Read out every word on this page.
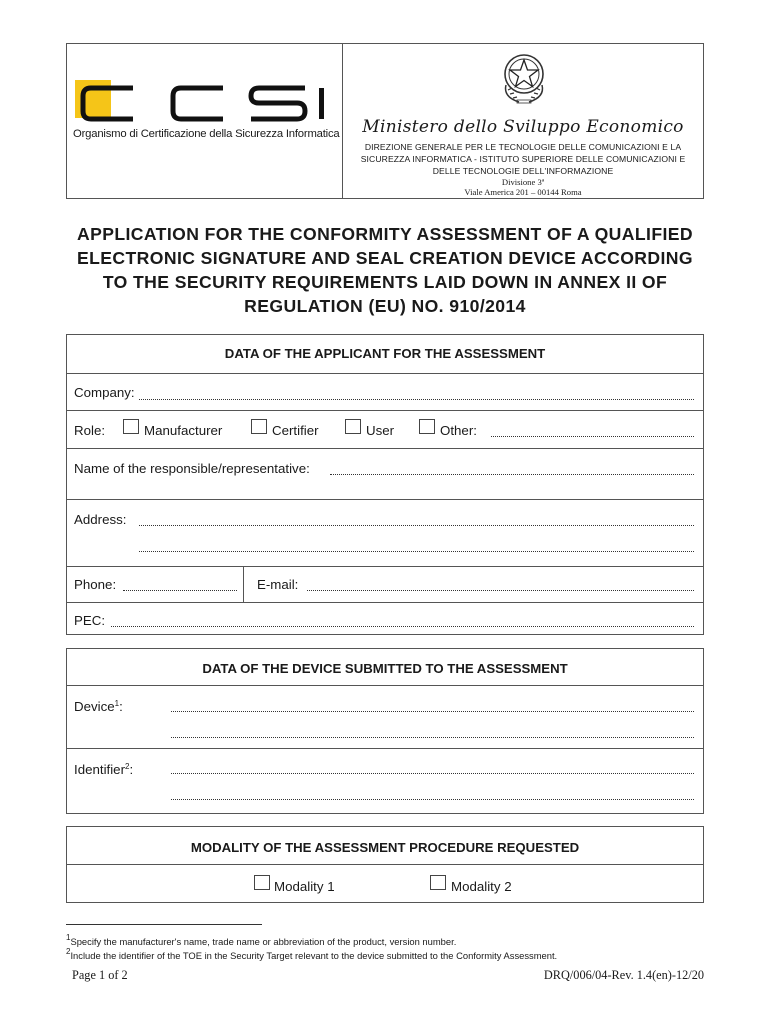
Organismo di Certificazione della Sicurezza Informatica	Ministero dello Sviluppo Economico
DIREZIONE GENERALE PER LE TECNOLOGIE DELLE COMUNICAZIONI E LA SICUREZZA INFORMATICA - ISTITUTO SUPERIORE DELLE COMUNICAZIONI E DELLE TECNOLOGIE DELL'INFORMAZIONE
Divisione 3ª
Viale America 201 – 00144 Roma
APPLICATION FOR THE CONFORMITY ASSESSMENT OF A QUALIFIED ELECTRONIC SIGNATURE AND SEAL CREATION DEVICE ACCORDING TO THE SECURITY REQUIREMENTS LAID DOWN IN ANNEX II OF REGULATION (EU) NO. 910/2014
DATA OF THE APPLICANT FOR THE ASSESSMENT
Company:
Role:	Manufacturer	Certifier	User	Other:
Name of the responsible/representative:
Address:
Phone:	E-mail:
PEC:
DATA OF THE DEVICE SUBMITTED TO THE ASSESSMENT
Device$^1$:
Identifier$^2$:
MODALITY OF THE ASSESSMENT PROCEDURE REQUESTED
Modality 1	Modality 2
$^1$Specify the manufacturer's name, trade name or abbreviation of the product, version number.
$^2$Include the identifier of the TOE in the Security Target relevant to the device submitted to the Conformity Assessment.
Page 1 of 2	DRQ/006/04-Rev. 1.4(en)-12/20
